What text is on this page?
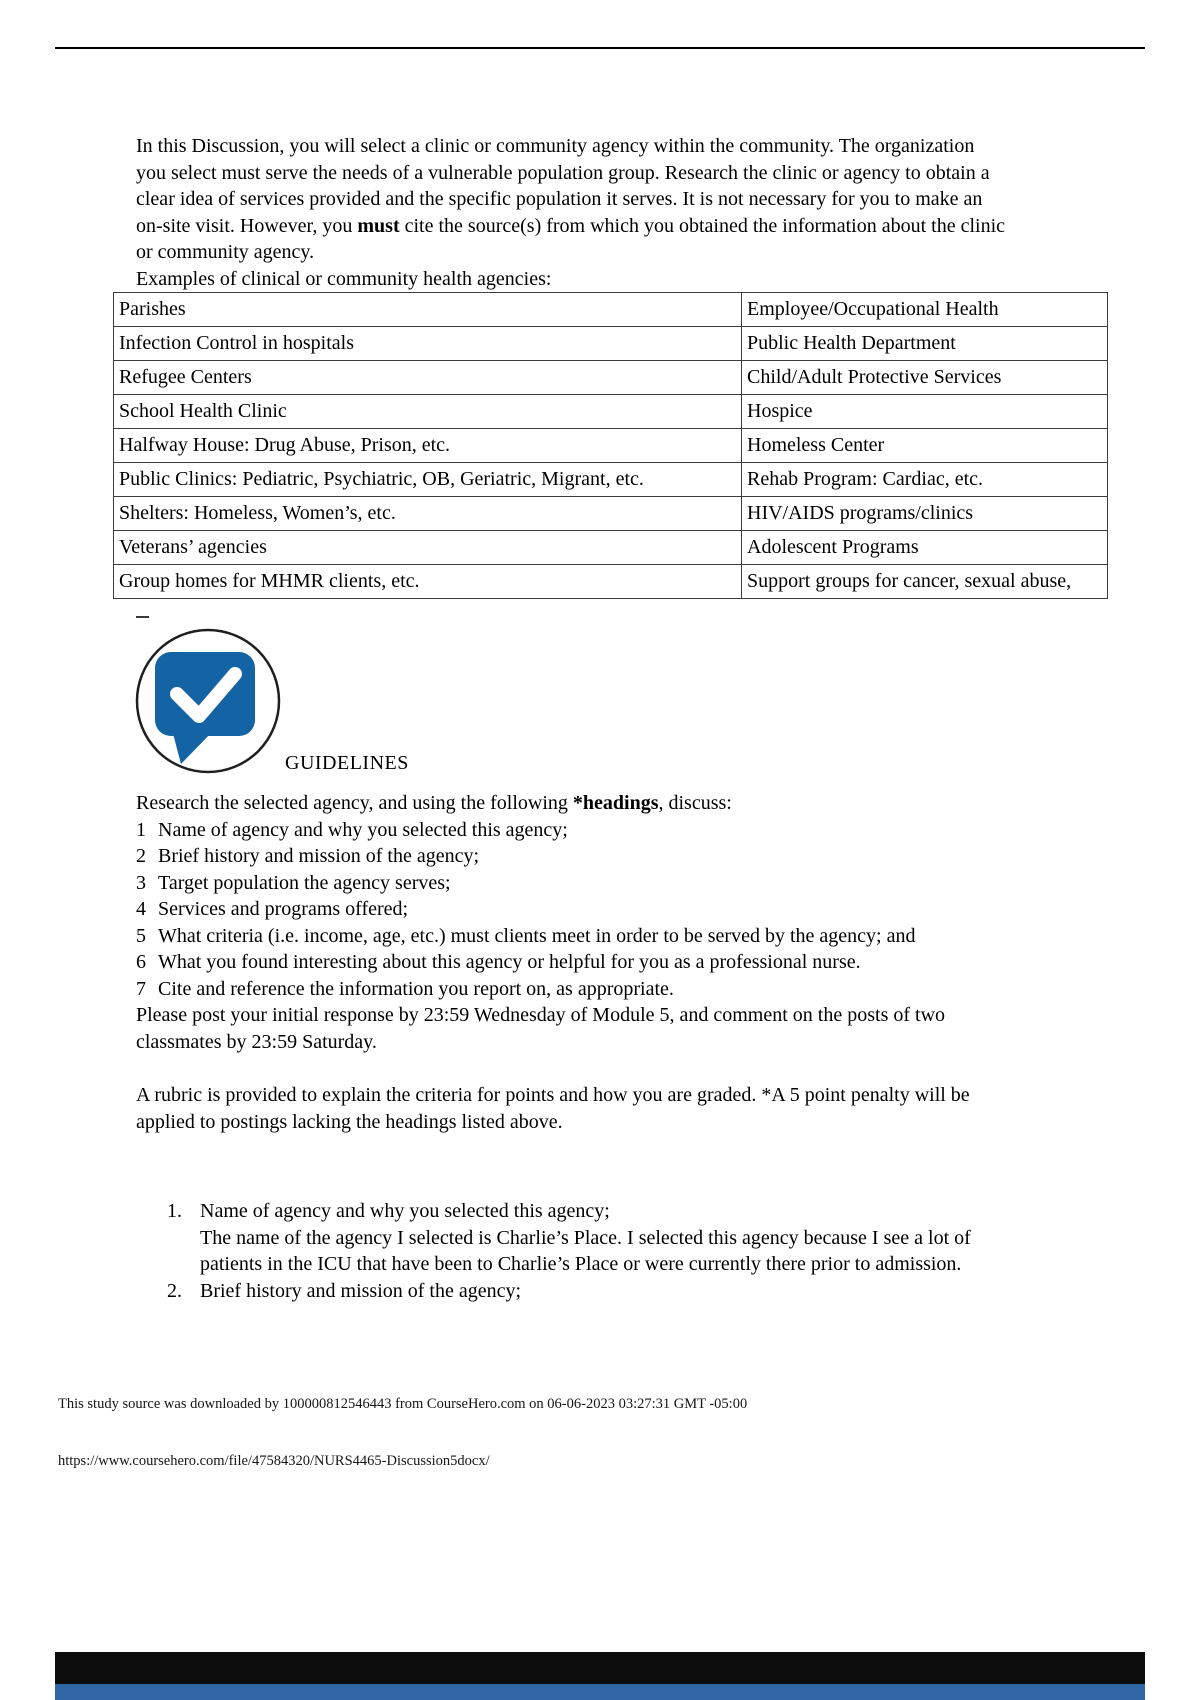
In this Discussion, you will select a clinic or community agency within the community. The organization you select must serve the needs of a vulnerable population group. Research the clinic or agency to obtain a clear idea of services provided and the specific population it serves. It is not necessary for you to make an on-site visit. However, you must cite the source(s) from which you obtained the information about the clinic or community agency.
Examples of clinical or community health agencies:
Parishes	Employee/Occupational Health
Infection Control in hospitals	Public Health Department
Refugee Centers	Child/Adult Protective Services
School Health Clinic	Hospice
Halfway House: Drug Abuse, Prison, etc.	Homeless Center
Public Clinics: Pediatric, Psychiatric, OB, Geriatric, Migrant, etc.	Rehab Program: Cardiac, etc.
Shelters: Homeless, Women’s, etc.	HIV/AIDS programs/clinics
Veterans’ agencies	Adolescent Programs
Group homes for MHMR clients, etc.	Support groups for cancer, sexual abuse,
GUIDELINES
Research the selected agency, and using the following *headings, discuss:
1 Name of agency and why you selected this agency;
2 Brief history and mission of the agency;
3 Target population the agency serves;
4 Services and programs offered;
5 What criteria (i.e. income, age, etc.) must clients meet in order to be served by the agency; and
6 What you found interesting about this agency or helpful for you as a professional nurse.
7 Cite and reference the information you report on, as appropriate.
Please post your initial response by 23:59 Wednesday of Module 5, and comment on the posts of two classmates by 23:59 Saturday.
A rubric is provided to explain the criteria for points and how you are graded. *A 5 point penalty will be applied to postings lacking the headings listed above.
1. Name of agency and why you selected this agency;
The name of the agency I selected is Charlie’s Place. I selected this agency because I see a lot of patients in the ICU that have been to Charlie’s Place or were currently there prior to admission.
2. Brief history and mission of the agency;
This study source was downloaded by 100000812546443 from CourseHero.com on 06-06-2023 03:27:31 GMT -05:00
https://www.coursehero.com/file/47584320/NURS4465-Discussion5docx/
